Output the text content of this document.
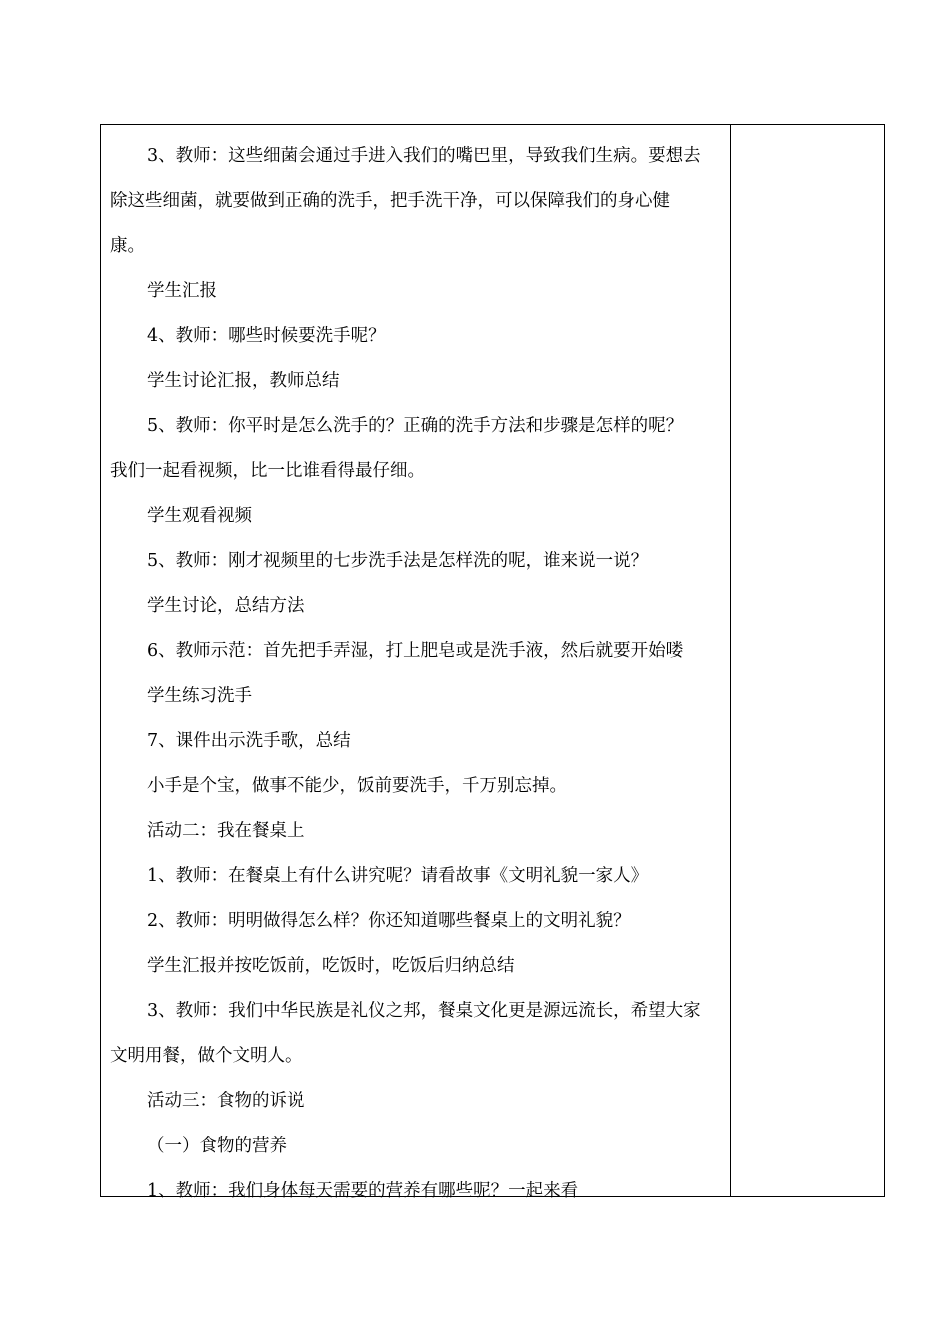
3、教师：这些细菌会通过手进入我们的嘴巴里，导致我们生病。要想去
除这些细菌，就要做到正确的洗手，把手洗干净，可以保障我们的身心健
康。
学生汇报
4、教师：哪些时候要洗手呢？
学生讨论汇报，教师总结
5、教师：你平时是怎么洗手的？正确的洗手方法和步骤是怎样的呢？
我们一起看视频，比一比谁看得最仔细。
学生观看视频
5、教师：刚才视频里的七步洗手法是怎样洗的呢，谁来说一说？
学生讨论，总结方法
6、教师示范：首先把手弄湿，打上肥皂或是洗手液，然后就要开始喽
学生练习洗手
7、课件出示洗手歌，总结
小手是个宝，做事不能少，饭前要洗手，千万别忘掉。
活动二：我在餐桌上
1、教师：在餐桌上有什么讲究呢？请看故事《文明礼貌一家人》
2、教师：明明做得怎么样？你还知道哪些餐桌上的文明礼貌？
学生汇报并按吃饭前，吃饭时，吃饭后归纳总结
3、教师：我们中华民族是礼仪之邦，餐桌文化更是源远流长，希望大家
文明用餐，做个文明人。
活动三：食物的诉说
（一）食物的营养
1、教师：我们身体每天需要的营养有哪些呢？一起来看
